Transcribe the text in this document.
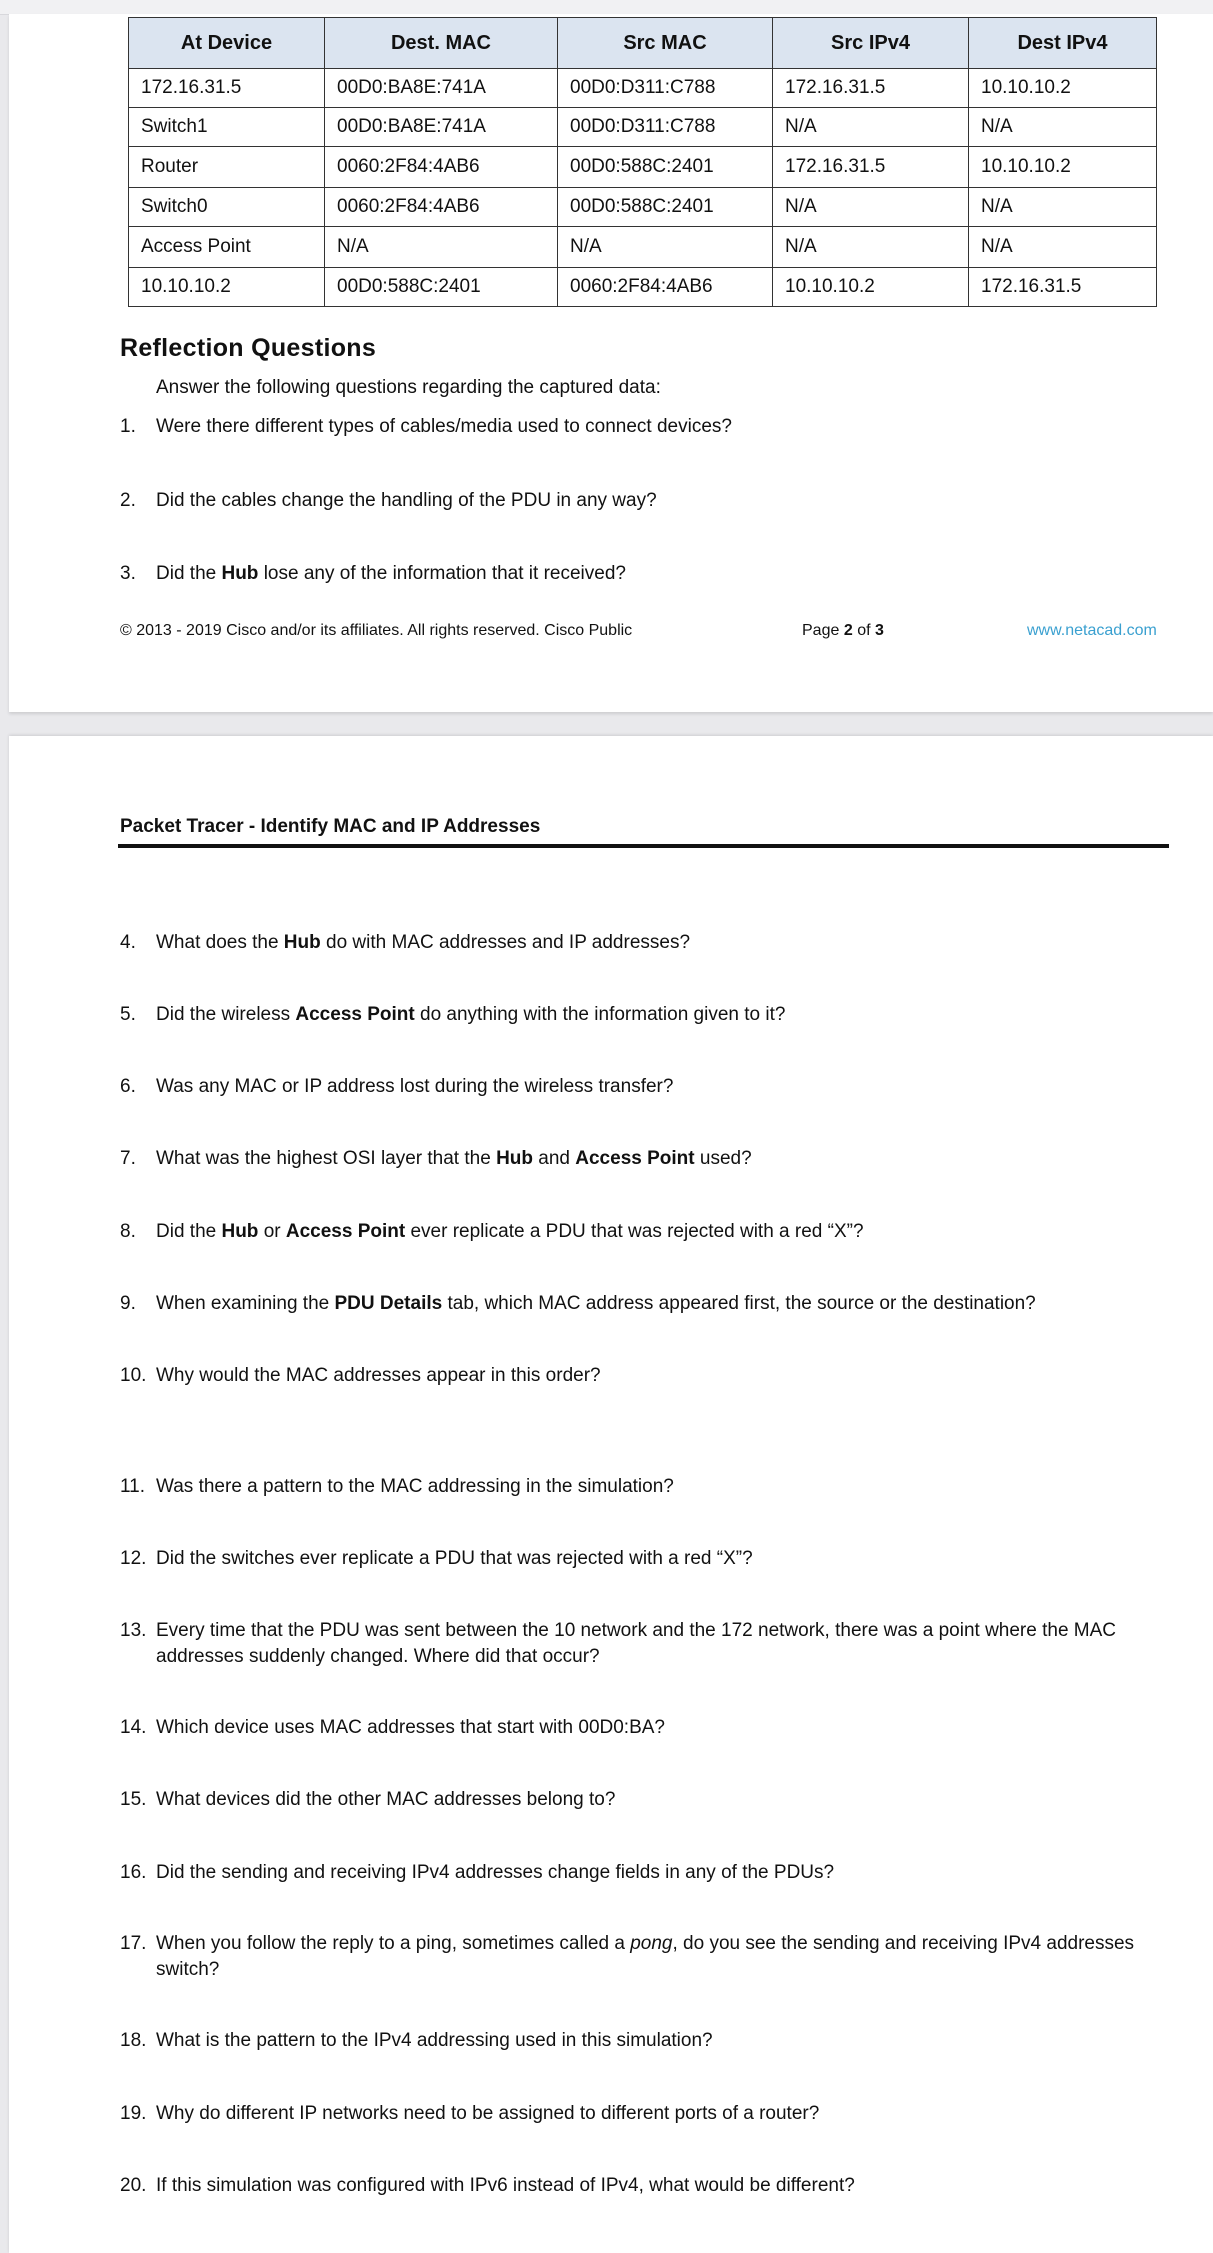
At Device	Dest. MAC	Src MAC	Src IPv4	Dest IPv4
172.16.31.5	00D0:BA8E:741A	00D0:D311:C788	172.16.31.5	10.10.10.2
Switch1	00D0:BA8E:741A	00D0:D311:C788	N/A	N/A
Router	0060:2F84:4AB6	00D0:588C:2401	172.16.31.5	10.10.10.2
Switch0	0060:2F84:4AB6	00D0:588C:2401	N/A	N/A
Access Point	N/A	N/A	N/A	N/A
10.10.10.2	00D0:588C:2401	0060:2F84:4AB6	10.10.10.2	172.16.31.5
Reflection Questions
Answer the following questions regarding the captured data:
1. Were there different types of cables/media used to connect devices?
2. Did the cables change the handling of the PDU in any way?
3. Did the Hub lose any of the information that it received?
© 2013 - 2019 Cisco and/or its affiliates. All rights reserved. Cisco Public	Page 2 of 3	www.netacad.com
Packet Tracer - Identify MAC and IP Addresses
4. What does the Hub do with MAC addresses and IP addresses?
5. Did the wireless Access Point do anything with the information given to it?
6. Was any MAC or IP address lost during the wireless transfer?
7. What was the highest OSI layer that the Hub and Access Point used?
8. Did the Hub or Access Point ever replicate a PDU that was rejected with a red “X”?
9. When examining the PDU Details tab, which MAC address appeared first, the source or the destination?
10. Why would the MAC addresses appear in this order?
11. Was there a pattern to the MAC addressing in the simulation?
12. Did the switches ever replicate a PDU that was rejected with a red “X”?
13. Every time that the PDU was sent between the 10 network and the 172 network, there was a point where the MAC addresses suddenly changed. Where did that occur?
14. Which device uses MAC addresses that start with 00D0:BA?
15. What devices did the other MAC addresses belong to?
16. Did the sending and receiving IPv4 addresses change fields in any of the PDUs?
17. When you follow the reply to a ping, sometimes called a pong, do you see the sending and receiving IPv4 addresses switch?
18. What is the pattern to the IPv4 addressing used in this simulation?
19. Why do different IP networks need to be assigned to different ports of a router?
20. If this simulation was configured with IPv6 instead of IPv4, what would be different?
